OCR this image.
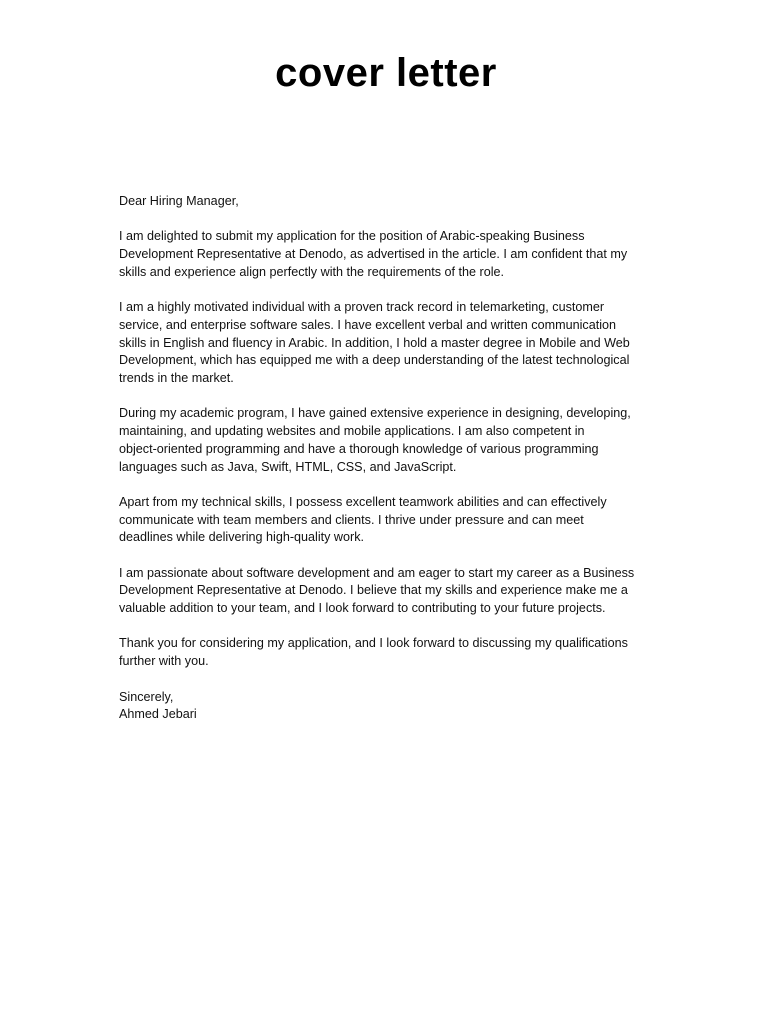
cover letter

Dear Hiring Manager,

I am delighted to submit my application for the position of Arabic-speaking Business
Development Representative at Denodo, as advertised in the article. I am confident that my
skills and experience align perfectly with the requirements of the role.

I am a highly motivated individual with a proven track record in telemarketing, customer
service, and enterprise software sales. I have excellent verbal and written communication
skills in English and fluency in Arabic. In addition, I hold a master degree in Mobile and Web
Development, which has equipped me with a deep understanding of the latest technological
trends in the market.

During my academic program, I have gained extensive experience in designing, developing,
maintaining, and updating websites and mobile applications. I am also competent in
object-oriented programming and have a thorough knowledge of various programming
languages such as Java, Swift, HTML, CSS, and JavaScript.

Apart from my technical skills, I possess excellent teamwork abilities and can effectively
communicate with team members and clients. I thrive under pressure and can meet
deadlines while delivering high-quality work.

I am passionate about software development and am eager to start my career as a Business
Development Representative at Denodo. I believe that my skills and experience make me a
valuable addition to your team, and I look forward to contributing to your future projects.

Thank you for considering my application, and I look forward to discussing my qualifications
further with you.

Sincerely,
Ahmed Jebari
